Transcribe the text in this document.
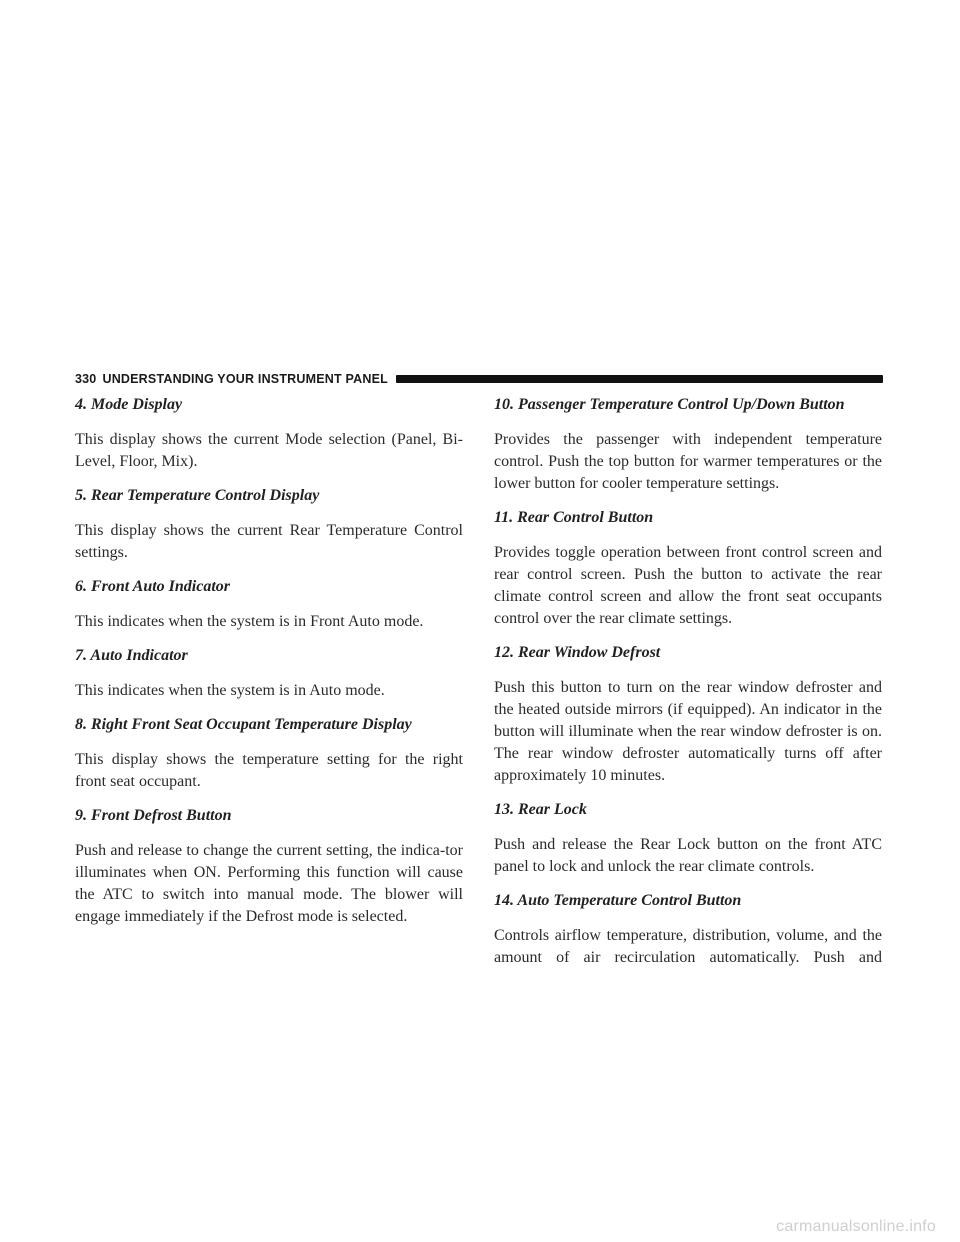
330 UNDERSTANDING YOUR INSTRUMENT PANEL
4. Mode Display

This display shows the current Mode selection (Panel, Bi-Level, Floor, Mix).

5. Rear Temperature Control Display

This display shows the current Rear Temperature Control settings.

6. Front Auto Indicator

This indicates when the system is in Front Auto mode.

7. Auto Indicator

This indicates when the system is in Auto mode.

8. Right Front Seat Occupant Temperature Display

This display shows the temperature setting for the right front seat occupant.

9. Front Defrost Button

Push and release to change the current setting, the indica-tor illuminates when ON. Performing this function will cause the ATC to switch into manual mode. The blower will engage immediately if the Defrost mode is selected.

10. Passenger Temperature Control Up/Down Button

Provides the passenger with independent temperature control. Push the top button for warmer temperatures or the lower button for cooler temperature settings.

11. Rear Control Button

Provides toggle operation between front control screen and rear control screen. Push the button to activate the rear climate control screen and allow the front seat occupants control over the rear climate settings.

12. Rear Window Defrost

Push this button to turn on the rear window defroster and the heated outside mirrors (if equipped). An indicator in the button will illuminate when the rear window defroster is on. The rear window defroster automatically turns off after approximately 10 minutes.

13. Rear Lock

Push and release the Rear Lock button on the front ATC panel to lock and unlock the rear climate controls.

14. Auto Temperature Control Button

Controls airflow temperature, distribution, volume, and the amount of air recirculation automatically. Push and

carmanualsonline.info
